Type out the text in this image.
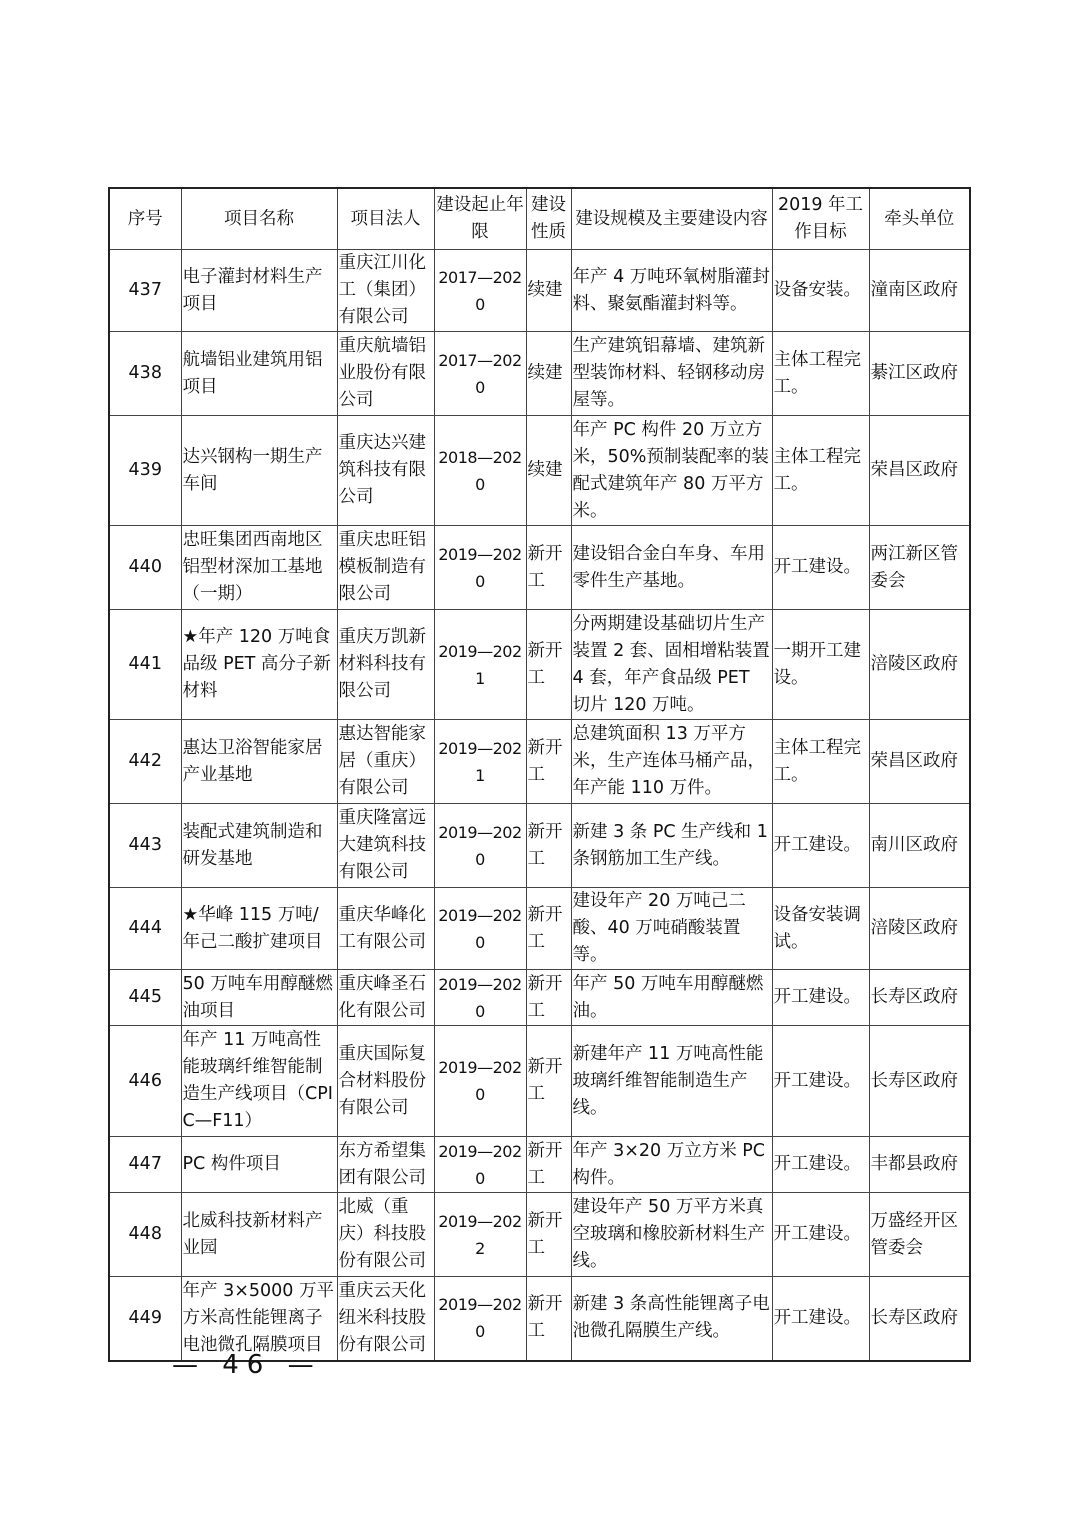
序号	项目名称	项目法人	建设起止年限	建设性质	建设规模及主要建设内容	2019 年工作目标	牵头单位
437	电子灌封材料生产项目	重庆江川化工（集团）有限公司	2017—2020	续建	年产 4 万吨环氧树脂灌封料、聚氨酯灌封料等。	设备安装。	潼南区政府
438	航墙铝业建筑用铝项目	重庆航墙铝业股份有限公司	2017—2020	续建	生产建筑铝幕墙、建筑新型装饰材料、轻钢移动房屋等。	主体工程完工。	綦江区政府
439	达兴钢构一期生产车间	重庆达兴建筑科技有限公司	2018—2020	续建	年产 PC 构件 20 万立方米，50%预制装配率的装配式建筑年产 80 万平方米。	主体工程完工。	荣昌区政府
440	忠旺集团西南地区铝型材深加工基地（一期）	重庆忠旺铝模板制造有限公司	2019—2020	新开工	建设铝合金白车身、车用零件生产基地。	开工建设。	两江新区管委会
441	★年产 120 万吨食品级 PET 高分子新材料	重庆万凯新材料科技有限公司	2019—2021	新开工	分两期建设基础切片生产装置 2 套、固相增粘装置 4 套，年产食品级 PET 切片 120 万吨。	一期开工建设。	涪陵区政府
442	惠达卫浴智能家居产业基地	惠达智能家居（重庆）有限公司	2019—2021	新开工	总建筑面积 13 万平方米，生产连体马桶产品，年产能 110 万件。	主体工程完工。	荣昌区政府
443	装配式建筑制造和研发基地	重庆隆富远大建筑科技有限公司	2019—2020	新开工	新建 3 条 PC 生产线和 1 条钢筋加工生产线。	开工建设。	南川区政府
444	★华峰 115 万吨/年己二酸扩建项目	重庆华峰化工有限公司	2019—2020	新开工	建设年产 20 万吨己二酸、40 万吨硝酸装置等。	设备安装调试。	涪陵区政府
445	50 万吨车用醇醚燃油项目	重庆峰圣石化有限公司	2019—2020	新开工	年产 50 万吨车用醇醚燃油。	开工建设。	长寿区政府
446	年产 11 万吨高性能玻璃纤维智能制造生产线项目（CPIC—F11）	重庆国际复合材料股份有限公司	2019—2020	新开工	新建年产 11 万吨高性能玻璃纤维智能制造生产线。	开工建设。	长寿区政府
447	PC 构件项目	东方希望集团有限公司	2019—2020	新开工	年产 3×20 万立方米 PC 构件。	开工建设。	丰都县政府
448	北威科技新材料产业园	北威（重庆）科技股份有限公司	2019—2022	新开工	建设年产 50 万平方米真空玻璃和橡胶新材料生产线。	开工建设。	万盛经开区管委会
449	年产 3×5000 万平方米高性能锂离子电池微孔隔膜项目	重庆云天化纽米科技股份有限公司	2019—2020	新开工	新建 3 条高性能锂离子电池微孔隔膜生产线。	开工建设。	长寿区政府
— 46 —
